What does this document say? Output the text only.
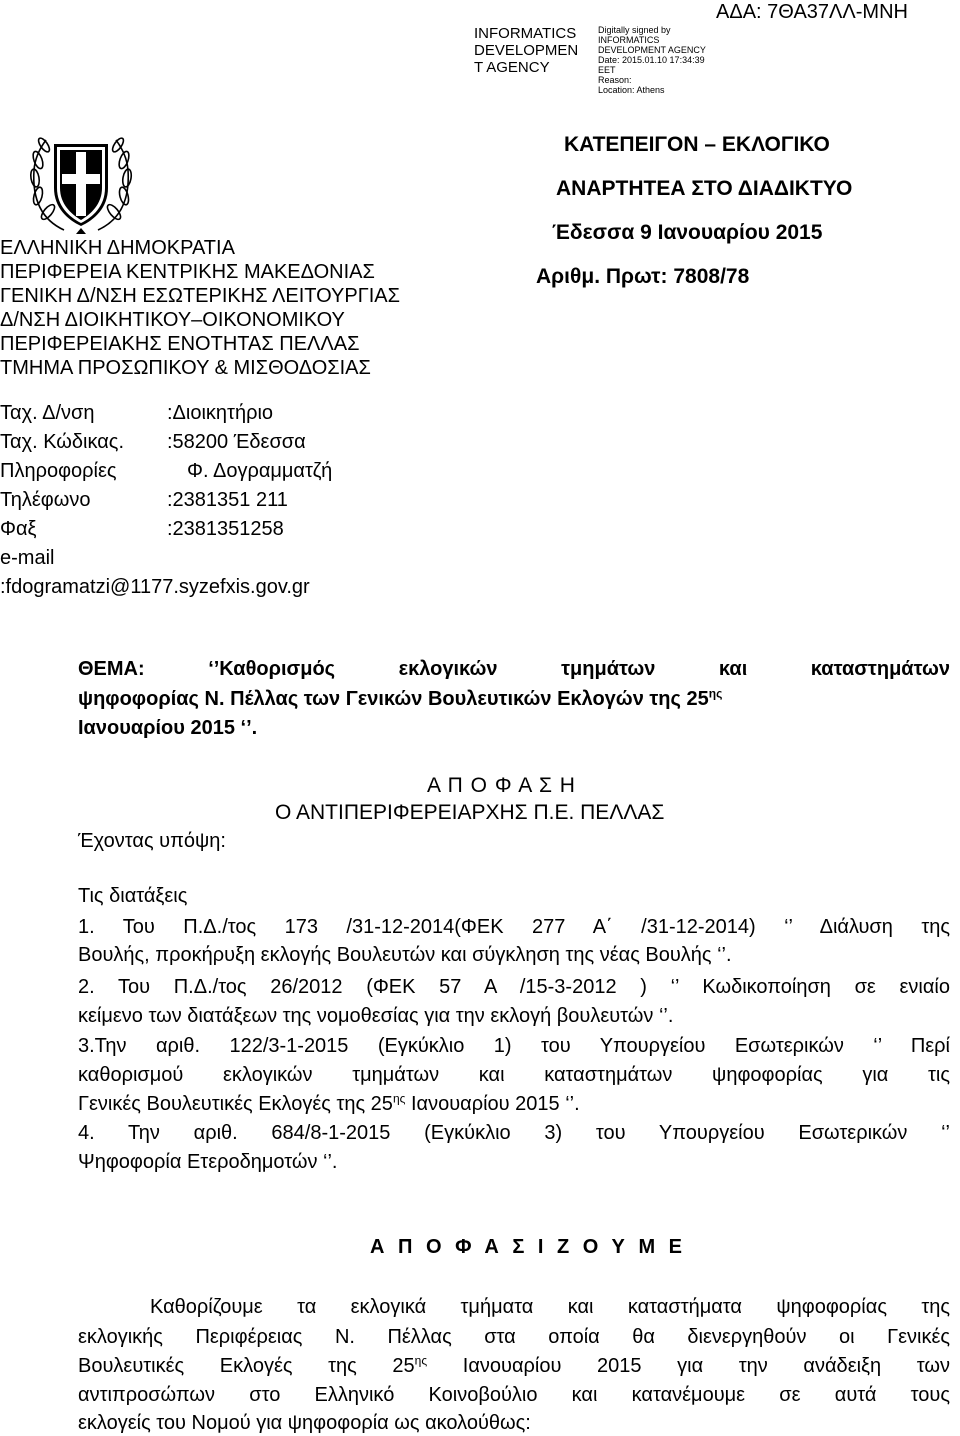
INFORMATICS
DEVELOPMEN
T AGENCY
Digitally signed by
INFORMATICS
DEVELOPMENT AGENCY
Date: 2015.01.10 17:34:39
EET
Reason:
Location: Athens
ΑΔΑ: 7ΘΑ37ΛΛ-ΜΝΗ
ΕΛΛΗΝΙΚΗ ΔΗΜΟΚΡΑΤΙΑ
ΠΕΡΙΦΕΡΕΙΑ ΚΕΝΤΡΙΚΗΣ ΜΑΚΕΔΟΝΙΑΣ
ΓΕΝΙΚΗ Δ/ΝΣΗ ΕΣΩΤΕΡΙΚΗΣ ΛΕΙΤΟΥΡΓΙΑΣ
Δ/ΝΣΗ ΔΙΟΙΚΗΤΙΚΟΥ–ΟΙΚΟΝΟΜΙΚΟΥ
ΠΕΡΙΦΕΡΕΙΑΚΗΣ ΕΝΟΤΗΤΑΣ ΠΕΛΛΑΣ
ΤΜΗΜΑ ΠΡΟΣΩΠΙΚΟΥ & ΜΙΣΘΟΔΟΣΙΑΣ
Ταχ. Δ/νση	:Διοικητήριο
Ταχ. Κώδικας. :58200 Έδεσσα
Πληροφορίες	Φ. Δογραμματζή
Τηλέφωνο	:2381351 211
Φαξ	:2381351258
e-mail
:fdogramatzi@1177.syzefxis.gov.gr
ΚΑΤΕΠΕΙΓΟΝ – ΕΚΛΟΓΙΚΟ
ΑΝΑΡΤΗΤΕΑ ΣΤΟ ΔΙΑΔΙΚΤΥΟ
Έδεσσα 9 Ιανουαρίου 2015
Αριθμ. Πρωτ: 7808/78
ΘΕΜΑ: ‘’Καθορισμός εκλογικών τμημάτων και καταστημάτων
ψηφοφορίας Ν. Πέλλας των Γενικών Βουλευτικών Εκλογών της $25^{\eta\varsigma}$
Ιανουαρίου 2015 ‘’.
Α Π Ο Φ Α Σ Η
Ο ΑΝΤΙΠΕΡΙΦΕΡΕΙΑΡΧΗΣ Π.Ε. ΠΕΛΛΑΣ
Έχοντας υπόψη:
Τις διατάξεις
1. Του Π.Δ./τος 173 /31-12-2014(ΦΕΚ 277 Α΄ /31-12-2014) ‘’ Διάλυση της
Βουλής, προκήρυξη εκλογής Βουλευτών και σύγκληση της νέας Βουλής ‘’.
2. Του Π.Δ./τος 26/2012 (ΦΕΚ 57 Α /15-3-2012 ) ‘’ Κωδικοποίηση σε ενιαίο
κείμενο των διατάξεων της νομοθεσίας για την εκλογή βουλευτών ‘’.
3.Την αριθ. 122/3-1-2015 (Εγκύκλιο 1) του Υπουργείου Εσωτερικών ‘’ Περί
καθορισμού εκλογικών τμημάτων και καταστημάτων ψηφοφορίας για τις
Γενικές Βουλευτικές Εκλογές της $25^{\eta\varsigma}$ Ιανουαρίου 2015 ‘’.
4. Την αριθ. 684/8-1-2015 (Εγκύκλιο 3) του Υπουργείου Εσωτερικών ‘’
Ψηφοφορία Ετεροδημοτών ‘’.
Α Π Ο Φ Α Σ Ι Ζ Ο Υ Μ Ε
Καθορίζουμε τα εκλογικά τμήματα και καταστήματα ψηφοφορίας της
εκλογικής Περιφέρειας Ν. Πέλλας στα οποία θα διενεργηθούν οι Γενικές
Βουλευτικές Εκλογές της $25^{\eta\varsigma}$ Ιανουαρίου 2015 για την ανάδειξη των
αντιπροσώπων στο Ελληνικό Κοινοβούλιο και κατανέμουμε σε αυτά τους
εκλογείς του Νομού για ψηφοφορία ως ακολούθως:
